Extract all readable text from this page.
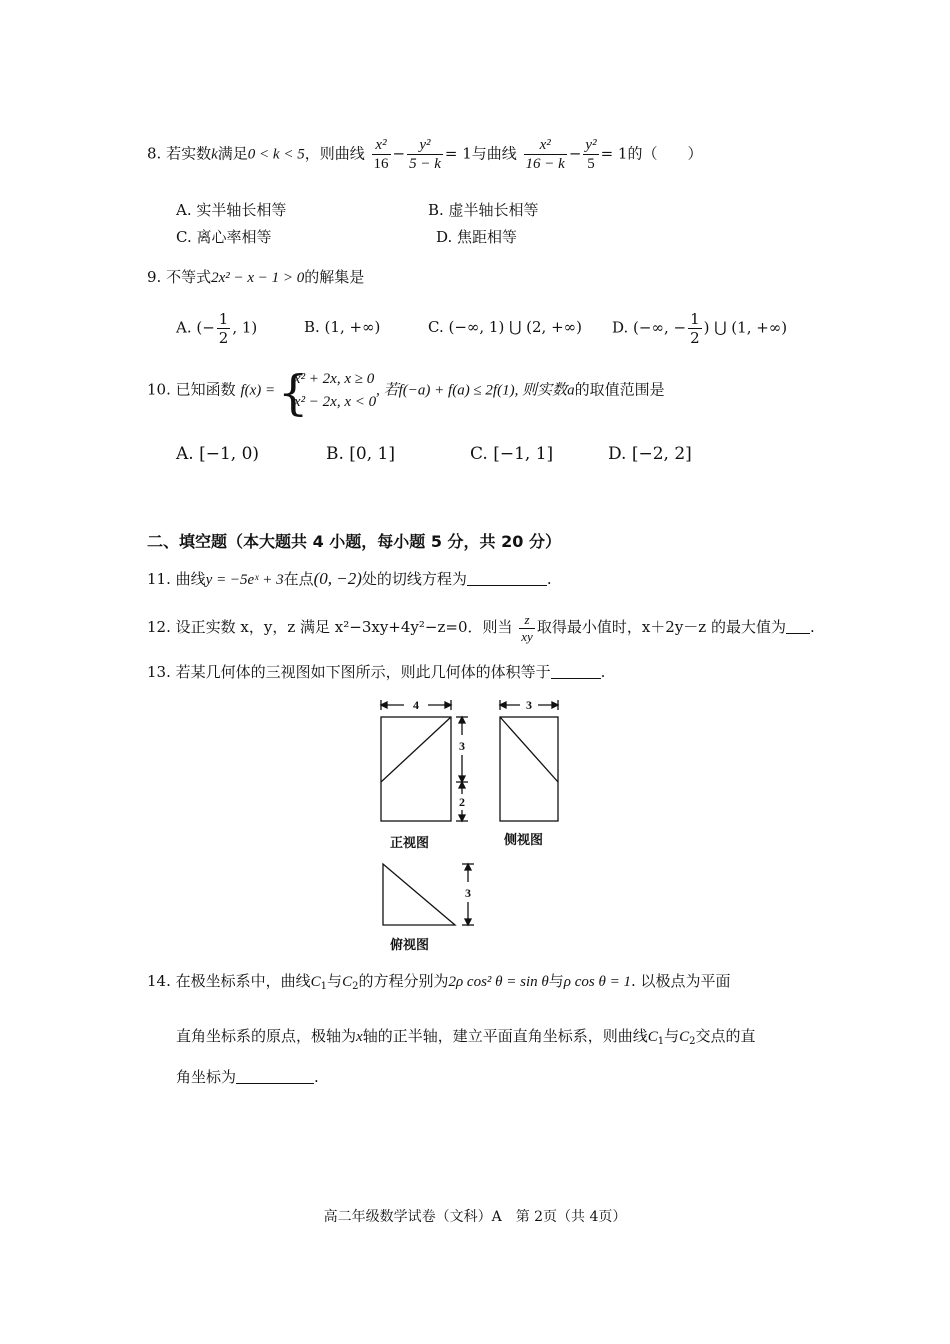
8. 若实数k满足0 < k < 5，则曲线 $\frac{\text{x²}}{16} - \frac{\text{y²}}{5 - k} = 1$与曲线 $\frac{\text{x²}}{16 - k} - \frac{\text{y²}}{5} = 1$的（　　）
A. 实半轴长相等	B. 虚半轴长相等
C. 离心率相等	D. 焦距相等
9. 不等式2x² − x − 1 > 0的解集是
A. (− $\frac{1}{2}$ , 1)	B. (1, +∞)	C. (−∞, 1) ⋃ (2, +∞) D. (−∞, − $\frac{1}{2}$ ) ⋃ (1, +∞)
10. 已知函数 f(x) = {
x² + 2x, x ≥ 0
x² − 2x, x < 0
, 若f(−a) + f(a) ≤ 2f(1), 则实数a的取值范围是
A. [−1, 0)	B. [0, 1]	C. [−1, 1]	D. [−2, 2]
二、填空题（本大题共 4 小题，每小题 5 分，共 20 分）
11. 曲线y = −5eˣ + 3在点(0, −2)处的切线方程为	.
12. 设正实数 x，y，z 满足 x²−3xy+4y²−z=0．则当 $\frac{z}{xy}$ 取得最小值时，x＋2y－z 的最大值为 .
13. 若某几何体的三视图如下图所示，则此几何体的体积等于	.
4
3
2
3
3
正视图	侧视图
俯视图
14. 在极坐标系中，曲线$C_1$与$C_2$的方程分别为2ρ cos² θ = sin θ与ρ cos θ = 1. 以极点为平面
直角坐标系的原点，极轴为x轴的正半轴，建立平面直角坐标系，则曲线$C_1$与$C_2$交点的直
角坐标为	.
高二年级数学试卷（文科）A　第 2页（共 4页）
